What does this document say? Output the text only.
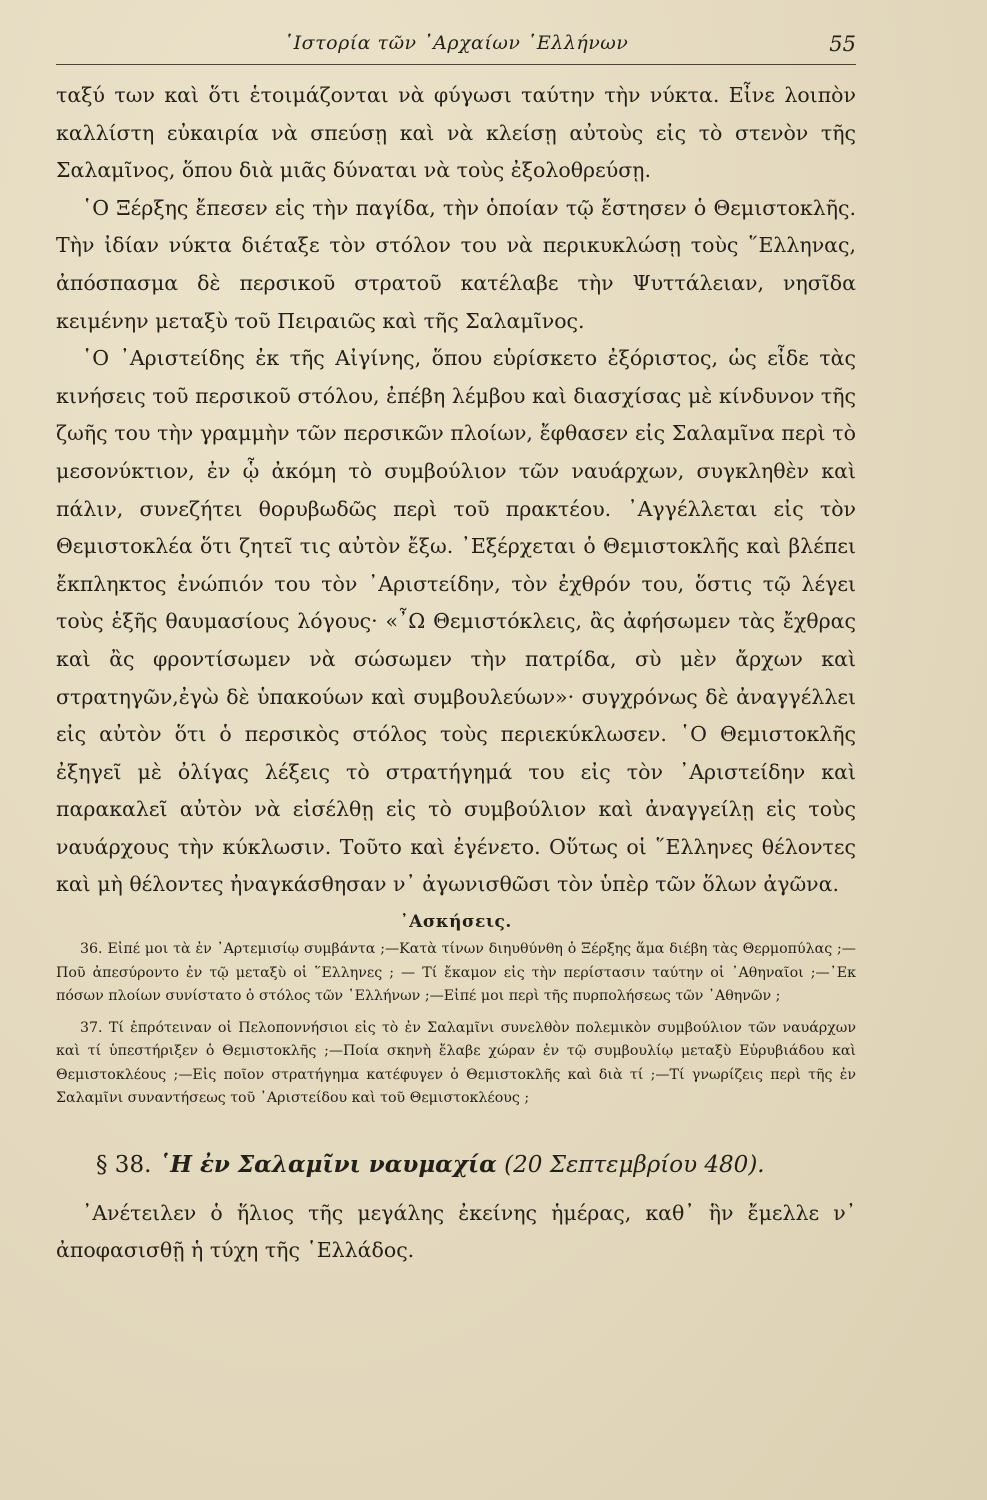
῾Ιστορία τῶν ᾿Αρχαίων ῾Ελλήνων	55

ταξύ των καὶ ὅτι ἑτοιμάζονται νὰ φύγωσι ταύτην τὴν νύκτα. Εἶνε λοιπὸν καλλίστη εὐκαιρία νὰ σπεύσῃ καὶ νὰ κλείσῃ αὐτοὺς εἰς τὸ στενὸν τῆς Σαλαμῖνος, ὅπου διὰ μιᾶς δύναται νὰ τοὺς ἐξολοθρεύσῃ.

῾Ο Ξέρξης ἔπεσεν εἰς τὴν παγίδα, τὴν ὁποίαν τῷ ἔστησεν ὁ Θεμιστοκλῆς. Τὴν ἰδίαν νύκτα διέταξε τὸν στόλον του νὰ περικυκλώσῃ τοὺς ῞Ελληνας, ἀπόσπασμα δὲ περσικοῦ στρατοῦ κατέλαβε τὴν Ψυττάλειαν, νησῖδα κειμένην μεταξὺ τοῦ Πειραιῶς καὶ τῆς Σαλαμῖνος.

῾Ο ᾿Αριστείδης ἐκ τῆς Αἰγίνης, ὅπου εὑρίσκετο ἐξόριστος, ὡς εἶδε τὰς κινήσεις τοῦ περσικοῦ στόλου, ἐπέβη λέμβου καὶ διασχίσας μὲ κίνδυνον τῆς ζωῆς του τὴν γραμμὴν τῶν περσικῶν πλοίων, ἔφθασεν εἰς Σαλαμῖνα περὶ τὸ μεσονύκτιον, ἐν ᾧ ἀκόμη τὸ συμβούλιον τῶν ναυάρχων, συγκληθὲν καὶ πάλιν, συνεζήτει θορυβωδῶς περὶ τοῦ πρακτέου. ᾿Αγγέλλεται εἰς τὸν Θεμιστοκλέα ὅτι ζητεῖ τις αὐτὸν ἔξω. ᾿Εξέρχεται ὁ Θεμιστοκλῆς καὶ βλέπει ἔκπληκτος ἐνώπιόν του τὸν ᾿Αριστείδην, τὸν ἐχθρόν του, ὅστις τῷ λέγει τοὺς ἑξῆς θαυμασίους λόγους· «῏Ω Θεμιστόκλεις, ἂς ἀφήσωμεν τὰς ἔχθρας καὶ ἂς φροντίσωμεν νὰ σώσωμεν τὴν πατρίδα, σὺ μὲν ἄρχων καὶ στρατηγῶν,ἐγὼ δὲ ὑπακούων καὶ συμβουλεύων»· συγχρόνως δὲ ἀναγγέλλει εἰς αὐτὸν ὅτι ὁ περσικὸς στόλος τοὺς περιεκύκλωσεν. ῾Ο Θεμιστοκλῆς ἐξηγεῖ μὲ ὀλίγας λέξεις τὸ στρατήγημά του εἰς τὸν ᾿Αριστείδην καὶ παρακαλεῖ αὐτὸν νὰ εἰσέλθῃ εἰς τὸ συμβούλιον καὶ ἀναγγείλῃ εἰς τοὺς ναυάρχους τὴν κύκλωσιν. Τοῦτο καὶ ἐγένετο. Οὕτως οἱ ῞Ελληνες θέλοντες καὶ μὴ θέλοντες ἠναγκάσθησαν ν᾿ ἀγωνισθῶσι τὸν ὑπὲρ τῶν ὅλων ἀγῶνα.

᾿Ασκήσεις.

36. Εἰπέ μοι τὰ ἐν ᾿Αρτεμισίῳ συμβάντα ;—Κατὰ τίνων διηυθύνθη ὁ Ξέρξης ἅμα διέβη τὰς Θερμοπύλας ;—Ποῦ ἀπεσύροντο ἐν τῷ μεταξὺ οἱ ῞Ελληνες ; — Τί ἔκαμον εἰς τὴν περίστασιν ταύτην οἱ ᾿Αθηναῖοι ;—᾿Εκ πόσων πλοίων συνίστατο ὁ στόλος τῶν ῾Ελλήνων ;—Εἰπέ μοι περὶ τῆς πυρπολήσεως τῶν ᾿Αθηνῶν ;

37. Τί ἐπρότειναν οἱ Πελοποννήσιοι εἰς τὸ ἐν Σαλαμῖνι συνελθὸν πολεμικὸν συμβούλιον τῶν ναυάρχων καὶ τί ὑπεστήριξεν ὁ Θεμιστοκλῆς ;—Ποία σκηνὴ ἔλαβε χώραν ἐν τῷ συμβουλίῳ μεταξὺ Εὐρυβιάδου καὶ Θεμιστοκλέους ;—Εἰς ποῖον στρατήγημα κατέφυγεν ὁ Θεμιστοκλῆς καὶ διὰ τί ;—Τί γνωρίζεις περὶ τῆς ἐν Σαλαμῖνι συναντήσεως τοῦ ᾿Αριστείδου καὶ τοῦ Θεμιστοκλέους ;

§ 38. ῾Η ἐν Σαλαμῖνι ναυμαχία (20 Σεπτεμβρίου 480).

᾿Ανέτειλεν ὁ ἥλιος τῆς μεγάλης ἐκείνης ἡμέρας, καθ᾿ ἣν ἔμελλε ν᾿ ἀποφασισθῇ ἡ τύχη τῆς ῾Ελλάδος.
